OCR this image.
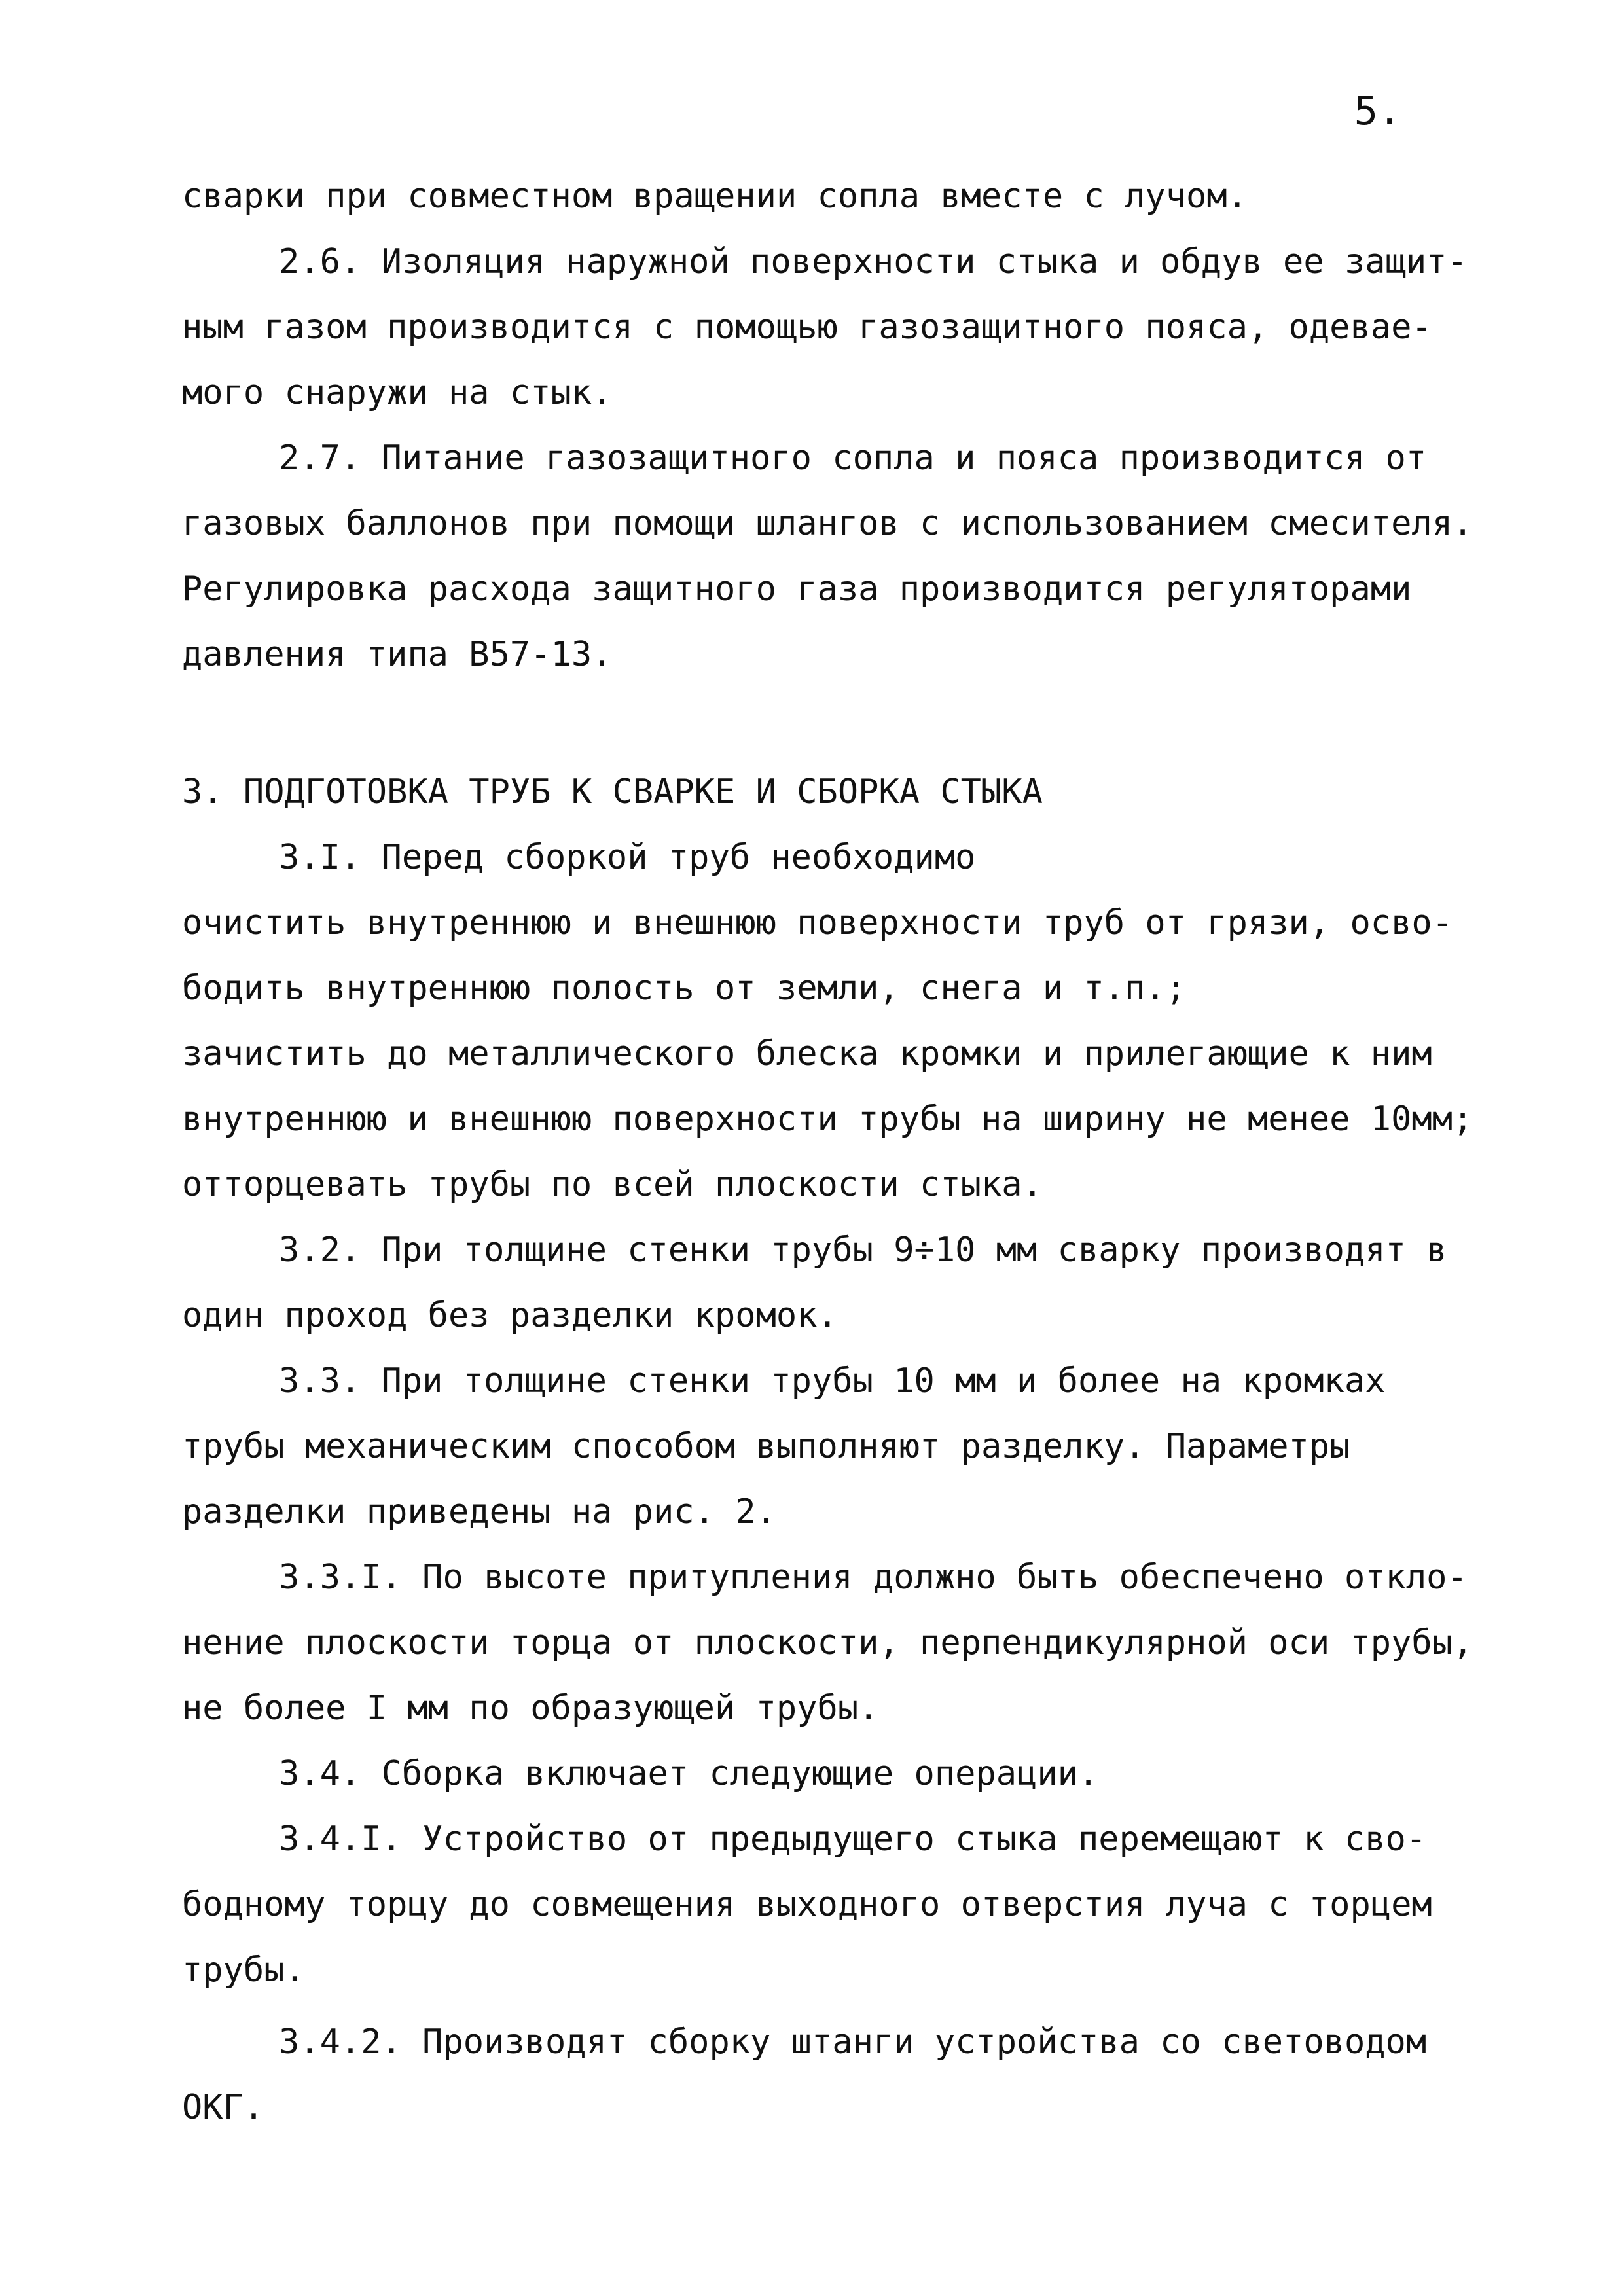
5.
сварки при совместном вращении сопла вместе с лучом.
2.6. Изоляция наружной поверхности стыка и обдув ее защит-
ным газом производится с помощью газозащитного пояса, одевае-
мого снаружи на стык.
2.7. Питание газозащитного сопла и пояса производится от
газовых баллонов при помощи шлангов с использованием смесителя.
Регулировка расхода защитного газа производится регуляторами
давления типа В57-13.
3. ПОДГОТОВКА ТРУБ К СВАРКЕ И СБОРКА СТЫКА
3.I. Перед сборкой труб необходимо
очистить внутреннюю и внешнюю поверхности труб от грязи, осво-
бодить внутреннюю полость от земли, снега и т.п.;
зачистить до металлического блеска кромки и прилегающие к ним
внутреннюю и внешнюю поверхности трубы на ширину не менее 10мм;
отторцевать трубы по всей плоскости стыка.
3.2. При толщине стенки трубы 9÷10 мм сварку производят в
один проход без разделки кромок.
3.3. При толщине стенки трубы 10 мм и более на кромках
трубы механическим способом выполняют разделку. Параметры
разделки приведены на рис. 2.
3.3.I. По высоте притупления должно быть обеспечено откло-
нение плоскости торца от плоскости, перпендикулярной оси трубы,
не более I мм по образующей трубы.
3.4. Сборка включает следующие операции.
3.4.I. Устройство от предыдущего стыка перемещают к сво-
бодному торцу до совмещения выходного отверстия луча с торцем
трубы.
3.4.2. Производят сборку штанги устройства со световодом
ОКГ.
